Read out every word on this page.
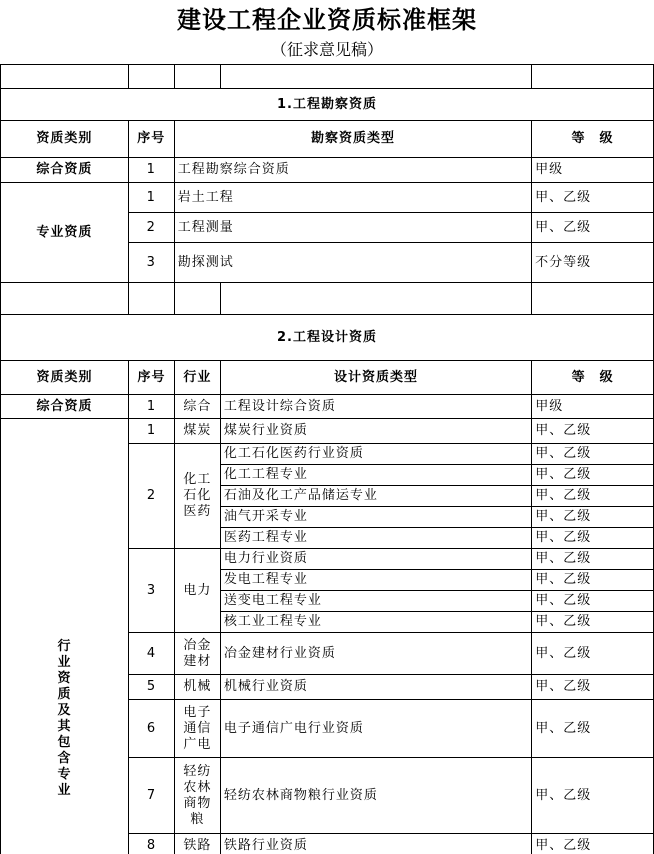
建设工程企业资质标准框架
（征求意见稿）

1.工程勘察资质				
资质类别	序号	勘察资质类型		等　级
综合资质	1	工程勘察综合资质		甲级
专业资质	1	岩土工程		甲、乙级
	2	工程测量		甲、乙级
	3	勘探测试		不分等级

2.工程设计资质				
资质类别	序号	行业	设计资质类型	等　级
综合资质	1	综合	工程设计综合资质	甲级
行业资质及其包含专业	1	煤炭	煤炭行业资质	甲、乙级
	2	化工石化医药	化工石化医药行业资质	甲、乙级
			化工工程专业	甲、乙级
			石油及化工产品储运专业	甲、乙级
			油气开采专业	甲、乙级
			医药工程专业	甲、乙级
	3	电力	电力行业资质	甲、乙级
			发电工程专业	甲、乙级
			送变电工程专业	甲、乙级
			核工业工程专业	甲、乙级
	4	冶金建材	冶金建材行业资质	甲、乙级
	5	机械	机械行业资质	甲、乙级
	6	电子通信广电	电子通信广电行业资质	甲、乙级
	7	轻纺农林商物粮	轻纺农林商物粮行业资质	甲、乙级
	8	铁路	铁路行业资质	甲、乙级
